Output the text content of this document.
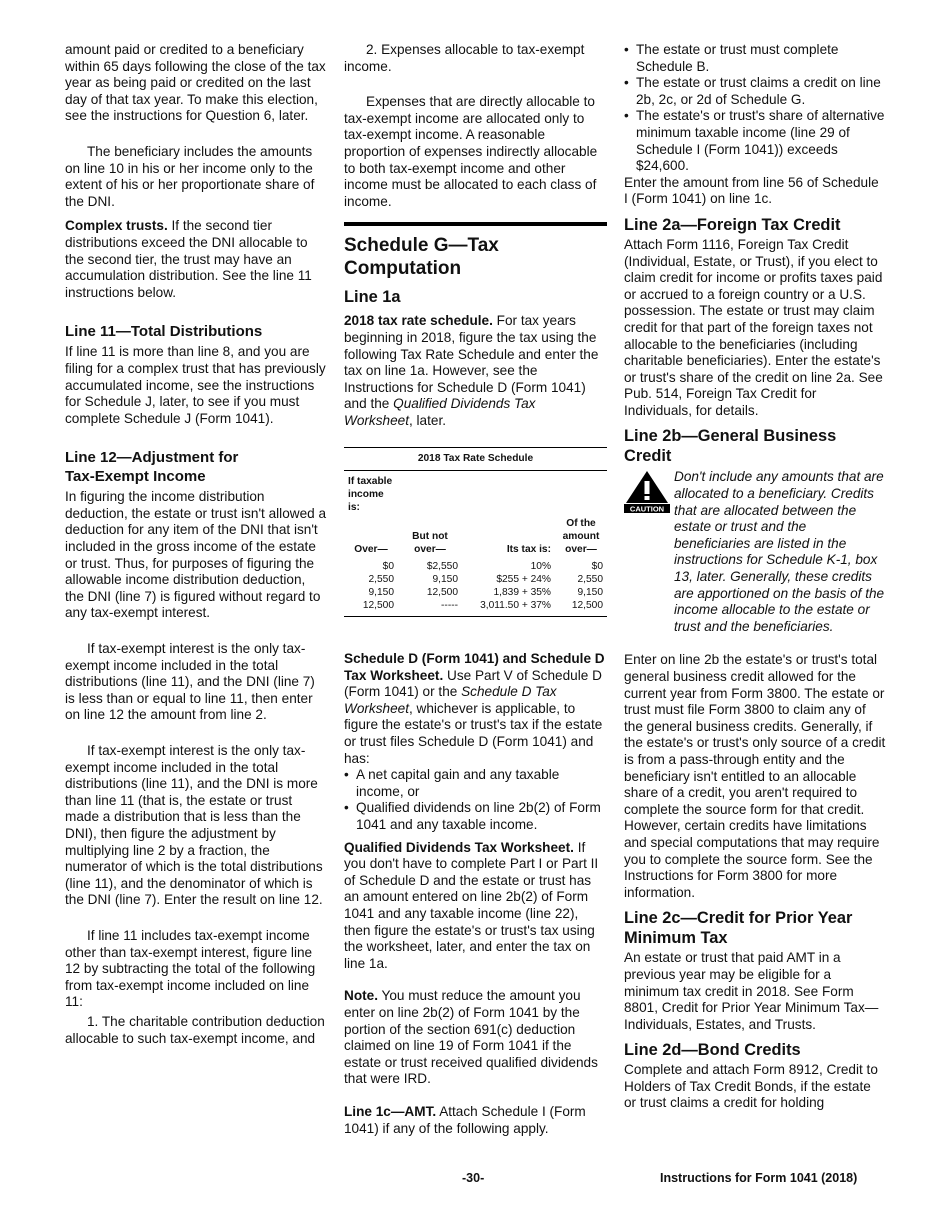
amount paid or credited to a beneficiary within 65 days following the close of the tax year as being paid or credited on the last day of that tax year. To make this election, see the instructions for Question 6, later.

The beneficiary includes the amounts on line 10 in his or her income only to the extent of his or her proportionate share of the DNI.

Complex trusts. If the second tier distributions exceed the DNI allocable to the second tier, the trust may have an accumulation distribution. See the line 11 instructions below.

Line 11—Total Distributions

If line 11 is more than line 8, and you are filing for a complex trust that has previously accumulated income, see the instructions for Schedule J, later, to see if you must complete Schedule J (Form 1041).

Line 12—Adjustment for Tax-Exempt Income

In figuring the income distribution deduction, the estate or trust isn't allowed a deduction for any item of the DNI that isn't included in the gross income of the estate or trust. Thus, for purposes of figuring the allowable income distribution deduction, the DNI (line 7) is figured without regard to any tax-exempt interest.

If tax-exempt interest is the only tax-exempt income included in the total distributions (line 11), and the DNI (line 7) is less than or equal to line 11, then enter on line 12 the amount from line 2.

If tax-exempt interest is the only tax-exempt income included in the total distributions (line 11), and the DNI is more than line 11 (that is, the estate or trust made a distribution that is less than the DNI), then figure the adjustment by multiplying line 2 by a fraction, the numerator of which is the total distributions (line 11), and the denominator of which is the DNI (line 7). Enter the result on line 12.

If line 11 includes tax-exempt income other than tax-exempt interest, figure line 12 by subtracting the total of the following from tax-exempt income included on line 11:

1. The charitable contribution deduction allocable to such tax-exempt income, and

2. Expenses allocable to tax-exempt income.

Expenses that are directly allocable to tax-exempt income are allocated only to tax-exempt income. A reasonable proportion of expenses indirectly allocable to both tax-exempt income and other income must be allocated to each class of income.

Schedule G—Tax Computation
Line 1a

2018 tax rate schedule. For tax years beginning in 2018, figure the tax using the following Tax Rate Schedule and enter the tax on line 1a. However, see the Instructions for Schedule D (Form 1041) and the Qualified Dividends Tax Worksheet, later.

2018 Tax Rate Schedule
If taxable income is:			
Over—	But not over—	Its tax is:	Of the amount over—

$0	$2,550	10%	$0
2,550	9,150	$255 + 24%	2,550
9,150	12,500	1,839 + 35%	9,150
12,500	-----	3,011.50 + 37%	12,500

Schedule D (Form 1041) and Schedule D Tax Worksheet. Use Part V of Schedule D (Form 1041) or the Schedule D Tax Worksheet, whichever is applicable, to figure the estate's or trust's tax if the estate or trust files Schedule D (Form 1041) and has:

• A net capital gain and any taxable income, or
• Qualified dividends on line 2b(2) of Form 1041 and any taxable income.

Qualified Dividends Tax Worksheet. If you don't have to complete Part I or Part II of Schedule D and the estate or trust has an amount entered on line 2b(2) of Form 1041 and any taxable income (line 22), then figure the estate's or trust's tax using the worksheet, later, and enter the tax on line 1a.

Note. You must reduce the amount you enter on line 2b(2) of Form 1041 by the portion of the section 691(c) deduction claimed on line 19 of Form 1041 if the estate or trust received qualified dividends that were IRD.

Line 1c—AMT. Attach Schedule I (Form 1041) if any of the following apply.

• The estate or trust must complete Schedule B.
• The estate or trust claims a credit on line 2b, 2c, or 2d of Schedule G.
• The estate's or trust's share of alternative minimum taxable income (line 29 of Schedule I (Form 1041)) exceeds $24,600.

Enter the amount from line 56 of Schedule I (Form 1041) on line 1c.

Line 2a—Foreign Tax Credit

Attach Form 1116, Foreign Tax Credit (Individual, Estate, or Trust), if you elect to claim credit for income or profits taxes paid or accrued to a foreign country or a U.S. possession. The estate or trust may claim credit for that part of the foreign taxes not allocable to the beneficiaries (including charitable beneficiaries). Enter the estate's or trust's share of the credit on line 2a. See Pub. 514, Foreign Tax Credit for Individuals, for details.

Line 2b—General Business Credit
CAUTION
Don't include any amounts that are allocated to a beneficiary. Credits that are allocated between the estate or trust and the beneficiaries are listed in the instructions for Schedule K-1, box 13, later. Generally, these credits are apportioned on the basis of the income allocable to the estate or trust and the beneficiaries.

Enter on line 2b the estate's or trust's total general business credit allowed for the current year from Form 3800. The estate or trust must file Form 3800 to claim any of the general business credits. Generally, if the estate's or trust's only source of a credit is from a pass-through entity and the beneficiary isn't entitled to an allocable share of a credit, you aren't required to complete the source form for that credit. However, certain credits have limitations and special computations that may require you to complete the source form. See the Instructions for Form 3800 for more information.

Line 2c—Credit for Prior Year Minimum Tax

An estate or trust that paid AMT in a previous year may be eligible for a minimum tax credit in 2018. See Form 8801, Credit for Prior Year Minimum Tax—Individuals, Estates, and Trusts.

Line 2d—Bond Credits

Complete and attach Form 8912, Credit to Holders of Tax Credit Bonds, if the estate or trust claims a credit for holding

-30-	Instructions for Form 1041 (2018)
